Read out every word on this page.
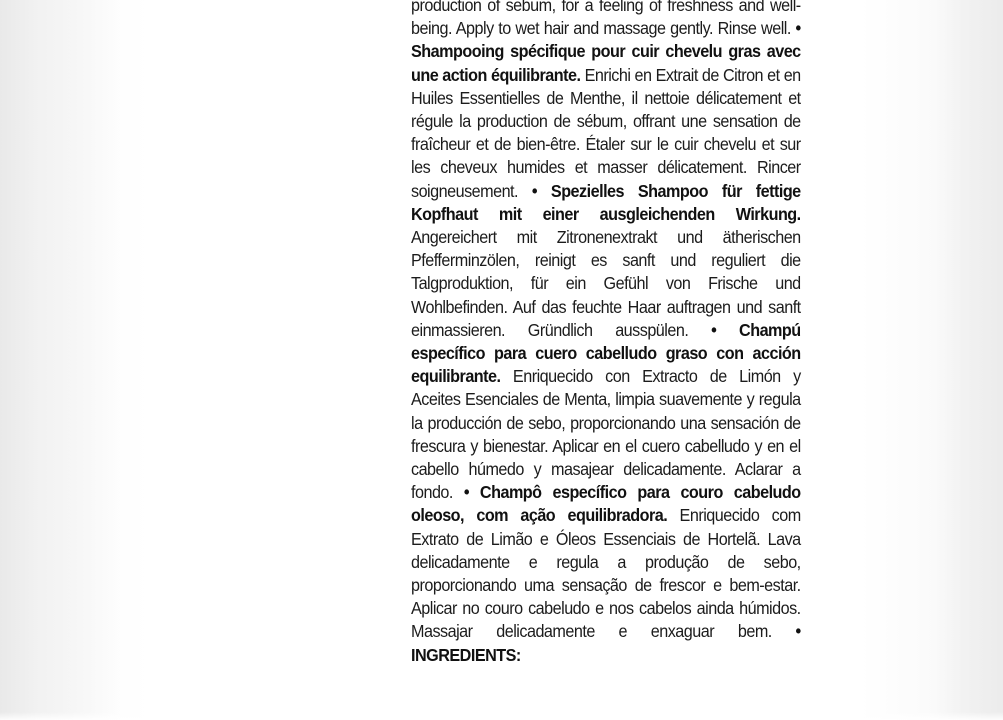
production of sebum, for a feeling of freshness and well-being. Apply to wet hair and massage gently. Rinse well. • Shampooing spécifique pour cuir chevelu gras avec une action équilibrante. Enrichi en Extrait de Citron et en Huiles Essentielles de Menthe, il nettoie délicatement et régule la production de sébum, offrant une sensation de fraîcheur et de bien-être. Étaler sur le cuir chevelu et sur les cheveux humides et masser délicatement. Rincer soigneusement. • Spezielles Shampoo für fettige Kopfhaut mit einer ausgleichenden Wirkung. Angereichert mit Zitronenextrakt und ätherischen Pfefferminzölen, reinigt es sanft und reguliert die Talgproduktion, für ein Gefühl von Frische und Wohlbefinden. Auf das feuchte Haar auftragen und sanft einmassieren. Gründlich ausspülen. • Champú específico para cuero cabelludo graso con acción equilibrante. Enriquecido con Extracto de Limón y Aceites Esenciales de Menta, limpia suavemente y regula la producción de sebo, proporcionando una sensación de frescura y bienestar. Aplicar en el cuero cabelludo y en el cabello húmedo y masajear delicadamente. Aclarar a fondo. • Champô específico para couro cabeludo oleoso, com ação equilibradora. Enriquecido com Extrato de Limão e Óleos Essenciais de Hortelã. Lava delicadamente e regula a produção de sebo, proporcionando uma sensação de frescor e bem-estar. Aplicar no couro cabeludo e nos cabelos ainda húmidos. Massajar delicadamente e enxaguar bem. • INGREDIENTS:
